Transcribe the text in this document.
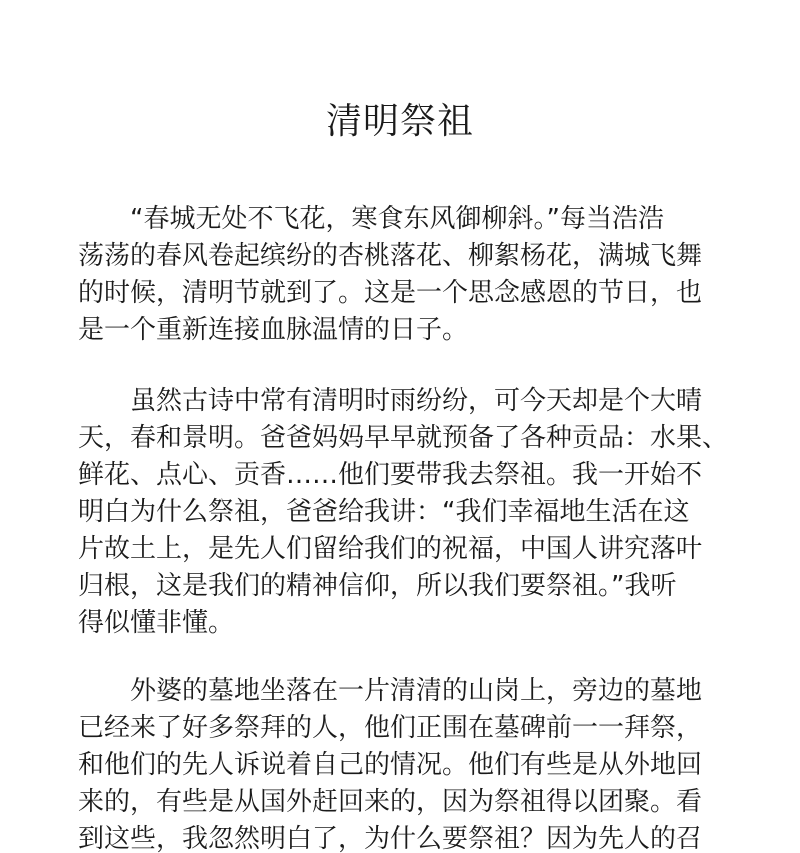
清明祭祖
　　“春城无处不飞花，寒食东风御柳斜。”每当浩浩
荡荡的春风卷起缤纷的杏桃落花、柳絮杨花，满城飞舞
的时候，清明节就到了。这是一个思念感恩的节日，也
是一个重新连接血脉温情的日子。
　　虽然古诗中常有清明时雨纷纷，可今天却是个大晴
天，春和景明。爸爸妈妈早早就预备了各种贡品：水果、
鲜花、点心、贡香……他们要带我去祭祖。我一开始不
明白为什么祭祖，爸爸给我讲：“我们幸福地生活在这
片故土上，是先人们留给我们的祝福，中国人讲究落叶
归根，这是我们的精神信仰，所以我们要祭祖。”我听
得似懂非懂。
　　外婆的墓地坐落在一片清清的山岗上，旁边的墓地
已经来了好多祭拜的人，他们正围在墓碑前一一拜祭，
和他们的先人诉说着自己的情况。他们有些是从外地回
来的，有些是从国外赶回来的，因为祭祖得以团聚。看
到这些，我忽然明白了，为什么要祭祖？因为先人的召
